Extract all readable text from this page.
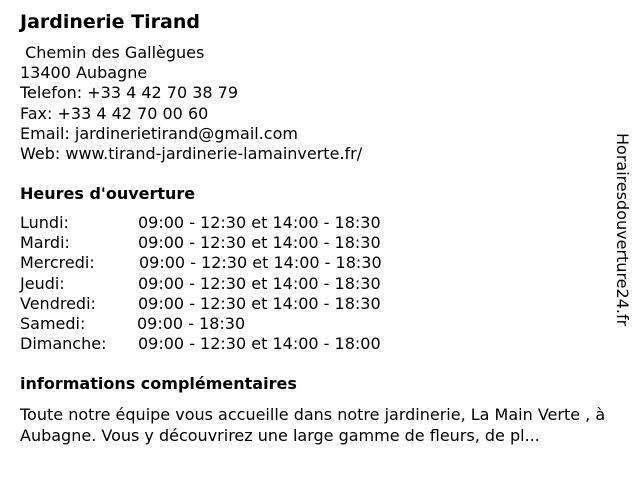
Jardinerie Tirand
Chemin des Gallègues
13400 Aubagne
Telefon: +33 4 42 70 38 79
Fax: +33 4 42 70 00 60
Email: jardinerietirand@gmail.com
Web: www.tirand-jardinerie-lamainverte.fr/
Heures d'ouverture
Lundi:	09:00 - 12:30 et 14:00 - 18:30
Mardi:	09:00 - 12:30 et 14:00 - 18:30
Mercredi:	09:00 - 12:30 et 14:00 - 18:30
Jeudi:	09:00 - 12:30 et 14:00 - 18:30
Vendredi:	09:00 - 12:30 et 14:00 - 18:30
Samedi:	09:00 - 18:30
Dimanche: 09:00 - 12:30 et 14:00 - 18:00
informations complémentaires

Toute notre équipe vous accueille dans notre jardinerie, La Main Verte , à Aubagne. Vous y découvrirez une large gamme de fleurs, de pl...

Horairesdouverture24.fr
